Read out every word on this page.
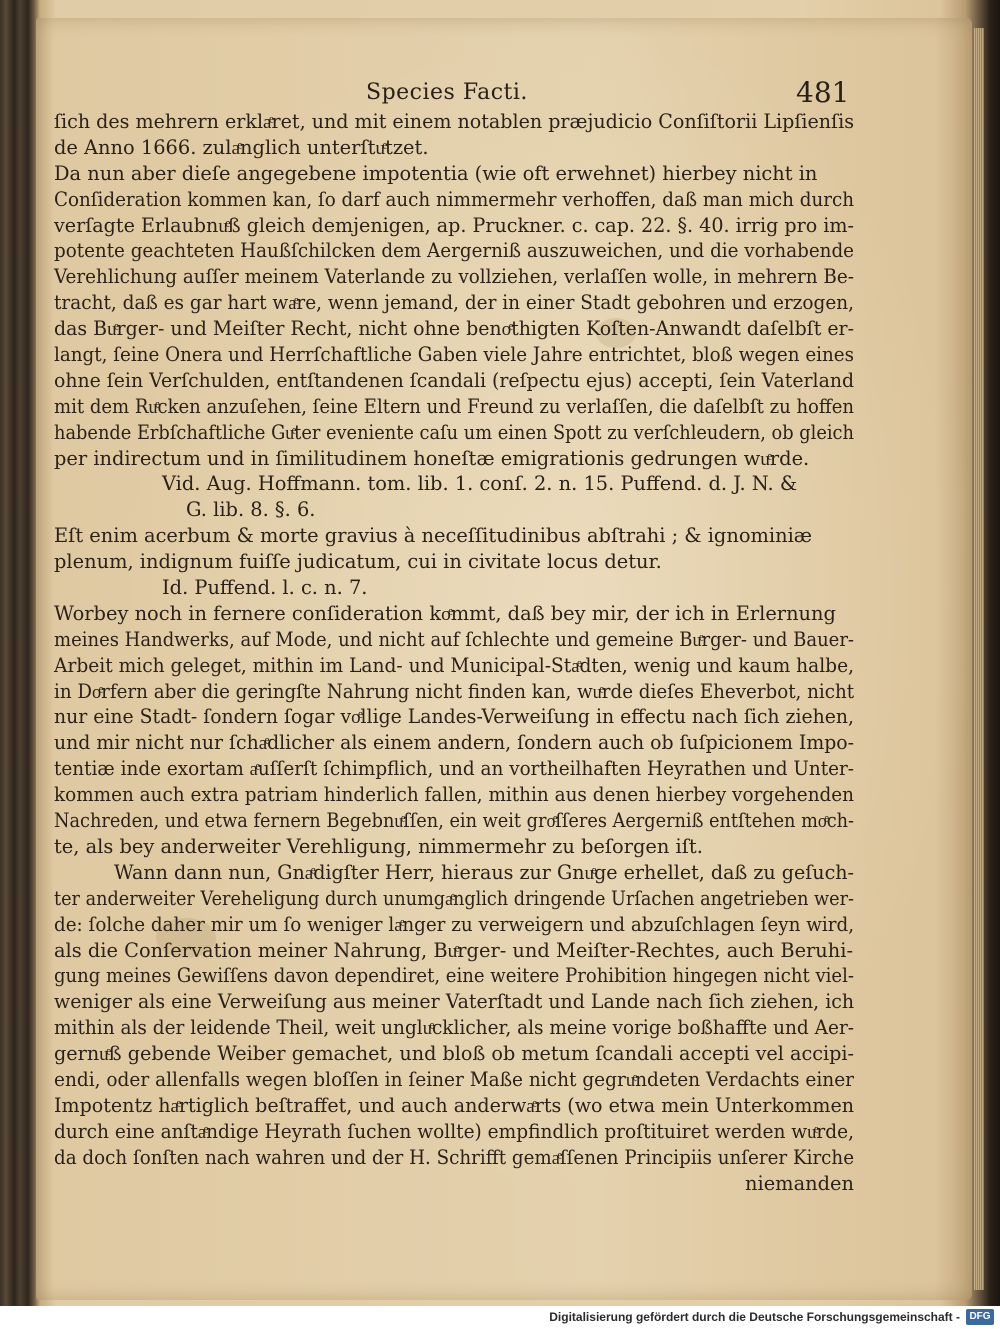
Species Facti.	481
ſich des mehrern erklaͤret, und mit einem notablen præjudicio Conſiſtorii Lipſienſis
de Anno 1666. zulaͤnglich unterſtuͤtzet.
Da nun aber dieſe angegebene impotentia (wie oft erwehnet) hierbey nicht in
Conſideration kommen kan, ſo darf auch nimmermehr verhoffen, daß man mich durch
verſagte Erlaubnuͤß gleich demjenigen, ap. Pruckner. c. cap. 22. §. 40. irrig pro im-
potente geachteten Haußſchilcken dem Aergerniß auszuweichen, und die vorhabende
Verehlichung auſſer meinem Vaterlande zu vollziehen, verlaſſen wolle, in mehrern Be-
tracht, daß es gar hart waͤre, wenn jemand, der in einer Stadt gebohren und erzogen,
das Buͤrger- und Meiſter Recht, nicht ohne benoͤthigten Koſten-Anwandt daſelbſt er-
langt, ſeine Onera und Herrſchaftliche Gaben viele Jahre entrichtet, bloß wegen eines
ohne ſein Verſchulden, entſtandenen ſcandali (reſpectu ejus) accepti, ſein Vaterland
mit dem Ruͤcken anzuſehen, ſeine Eltern und Freund zu verlaſſen, die daſelbſt zu hoffen
habende Erbſchaftliche Guͤter eveniente caſu um einen Spott zu verſchleudern, ob gleich
per indirectum und in ſimilitudinem honeſtæ emigrationis gedrungen wuͤrde.
Vid. Aug. Hoffmann. tom. lib. 1. conſ. 2. n. 15. Puffend. d. J. N. &
G. lib. 8. §. 6.
Eſt enim acerbum & morte gravius à neceſſitudinibus abſtrahi ; & ignominiæ
plenum, indignum fuiſſe judicatum, cui in civitate locus detur.
Id. Puffend. l. c. n. 7.
Worbey noch in fernere conſideration koͤmmt, daß bey mir, der ich in Erlernung
meines Handwerks, auf Mode, und nicht auf ſchlechte und gemeine Buͤrger- und Bauer-
Arbeit mich geleget, mithin im Land- und Municipal-Staͤdten, wenig und kaum halbe,
in Doͤrfern aber die geringſte Nahrung nicht finden kan, wuͤrde dieſes Eheverbot, nicht
nur eine Stadt- ſondern ſogar voͤllige Landes-Verweiſung in effectu nach ſich ziehen,
und mir nicht nur ſchaͤdlicher als einem andern, ſondern auch ob ſuſpicionem Impo-
tentiæ inde exortam aͤuſſerſt ſchimpflich, und an vortheilhaften Heyrathen und Unter-
kommen auch extra patriam hinderlich fallen, mithin aus denen hierbey vorgehenden
Nachreden, und etwa fernern Begebnuͤſſen, ein weit groͤſſeres Aergerniß entſtehen moͤch-
te, als bey anderweiter Verehligung, nimmermehr zu beſorgen iſt.
Wann dann nun, Gnaͤdigſter Herr, hieraus zur Gnuͤge erhellet, daß zu geſuch-
ter anderweiter Vereheligung durch unumgaͤnglich dringende Urſachen angetrieben wer-
de: ſolche daher mir um ſo weniger laͤnger zu verweigern und abzuſchlagen ſeyn wird,
als die Conſervation meiner Nahrung, Buͤrger- und Meiſter-Rechtes, auch Beruhi-
gung meines Gewiſſens davon dependiret, eine weitere Prohibition hingegen nicht viel-
weniger als eine Verweiſung aus meiner Vaterſtadt und Lande nach ſich ziehen, ich
mithin als der leidende Theil, weit ungluͤcklicher, als meine vorige boßhaffte und Aer-
gernuͤß gebende Weiber gemachet, und bloß ob metum ſcandali accepti vel accipi-
endi, oder allenfalls wegen bloſſen in ſeiner Maße nicht gegruͤndeten Verdachts einer
Impotentz haͤrtiglich beſtraffet, und auch anderwaͤrts (wo etwa mein Unterkommen
durch eine anſtaͤndige Heyrath ſuchen wollte) empfindlich proſtituiret werden wuͤrde,
da doch ſonſten nach wahren und der H. Schrifft gemaͤſſenen Principiis unſerer Kirche
niemanden
Digitalisierung gefördert durch die Deutsche Forschungsgemeinschaft - DFG
